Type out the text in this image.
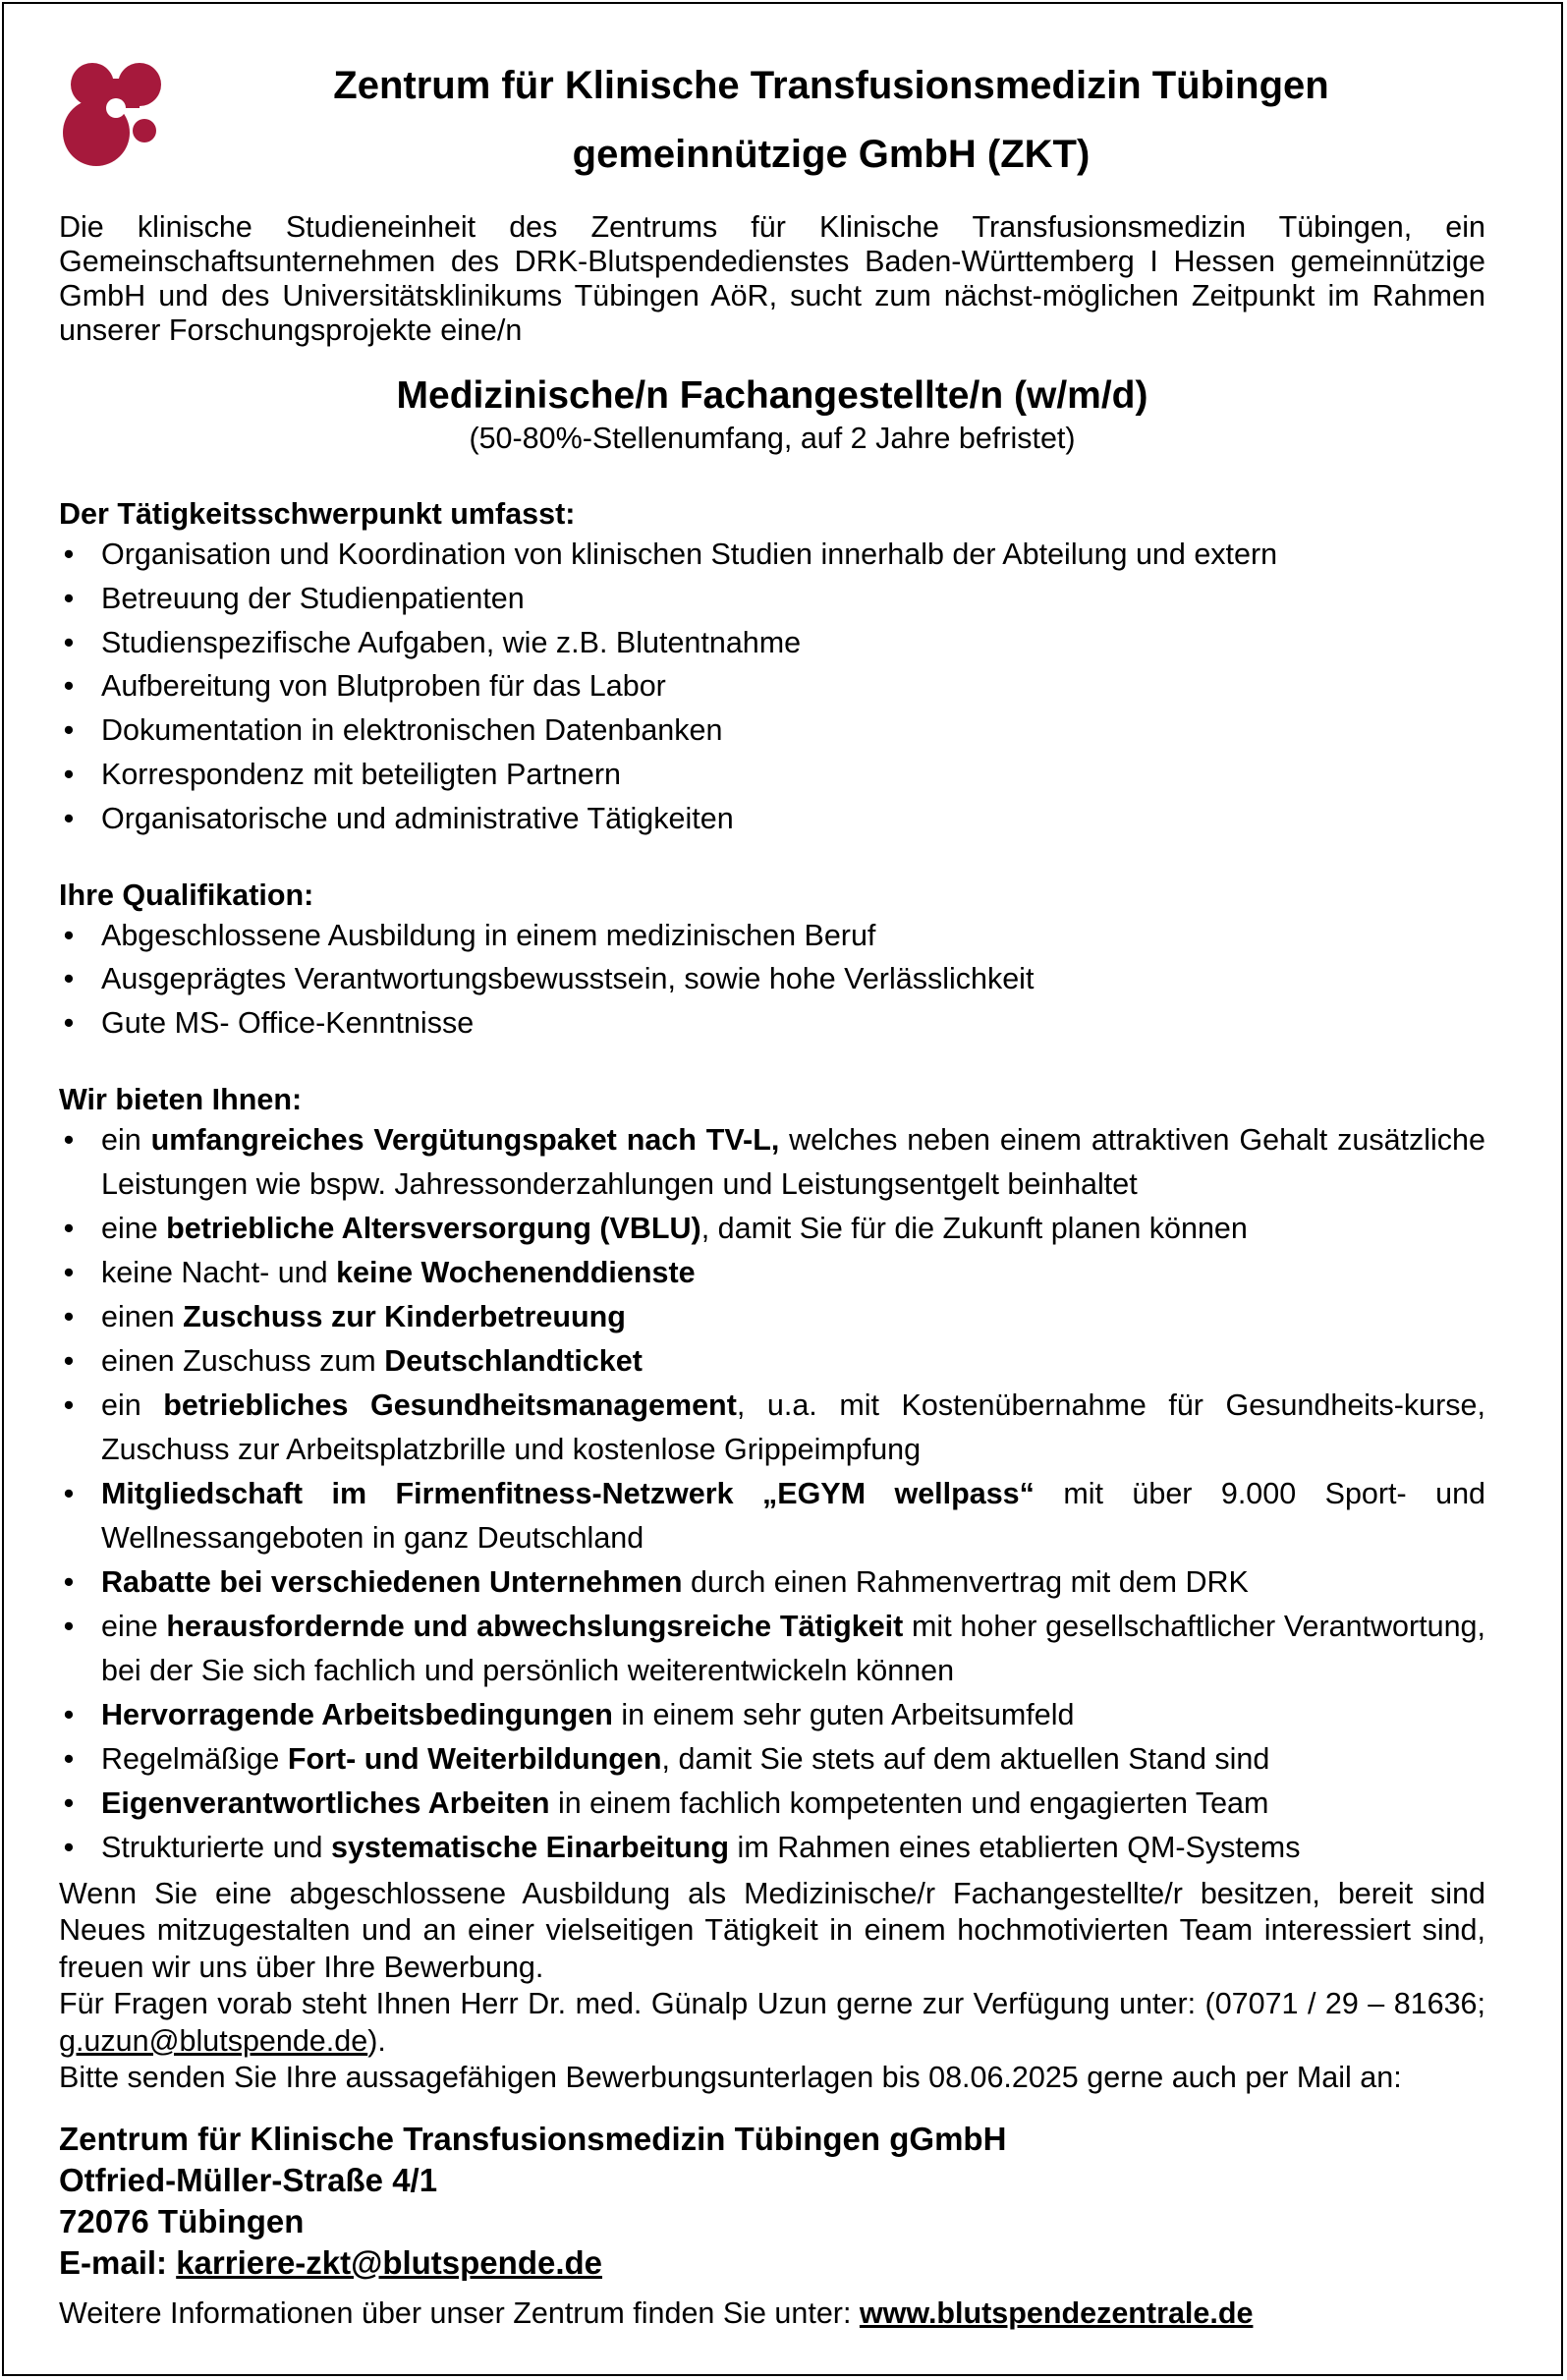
Zentrum für Klinische Transfusionsmedizin Tübingen
gemeinnützige GmbH (ZKT)

Die klinische Studieneinheit des Zentrums für Klinische Transfusionsmedizin Tübingen, ein Gemeinschaftsunternehmen des DRK-Blutspendedienstes Baden-Württemberg I Hessen gemeinnützige GmbH und des Universitätsklinikums Tübingen AöR, sucht zum nächst-möglichen Zeitpunkt im Rahmen unserer Forschungsprojekte eine/n

Medizinische/n Fachangestellte/n (w/m/d)
(50-80%-Stellenumfang, auf 2 Jahre befristet)
Der Tätigkeitsschwerpunkt umfasst:
• Organisation und Koordination von klinischen Studien innerhalb der Abteilung und extern
• Betreuung der Studienpatienten
• Studienspezifische Aufgaben, wie z.B. Blutentnahme
• Aufbereitung von Blutproben für das Labor
• Dokumentation in elektronischen Datenbanken
• Korrespondenz mit beteiligten Partnern
• Organisatorische und administrative Tätigkeiten
Ihre Qualifikation:
• Abgeschlossene Ausbildung in einem medizinischen Beruf
• Ausgeprägtes Verantwortungsbewusstsein, sowie hohe Verlässlichkeit
• Gute MS- Office-Kenntnisse
Wir bieten Ihnen:
• ein umfangreiches Vergütungspaket nach TV-L, welches neben einem attraktiven Gehalt zusätzliche Leistungen wie bspw. Jahressonderzahlungen und Leistungsentgelt beinhaltet
• eine betriebliche Altersversorgung (VBLU), damit Sie für die Zukunft planen können
• keine Nacht- und keine Wochenenddienste
• einen Zuschuss zur Kinderbetreuung
• einen Zuschuss zum Deutschlandticket
• ein betriebliches Gesundheitsmanagement, u.a. mit Kostenübernahme für Gesundheits-kurse, Zuschuss zur Arbeitsplatzbrille und kostenlose Grippeimpfung
• Mitgliedschaft im Firmenfitness-Netzwerk „EGYM wellpass“ mit über 9.000 Sport- und Wellnessangeboten in ganz Deutschland
• Rabatte bei verschiedenen Unternehmen durch einen Rahmenvertrag mit dem DRK
• eine herausfordernde und abwechslungsreiche Tätigkeit mit hoher gesellschaftlicher Verantwortung, bei der Sie sich fachlich und persönlich weiterentwickeln können
• Hervorragende Arbeitsbedingungen in einem sehr guten Arbeitsumfeld
• Regelmäßige Fort- und Weiterbildungen, damit Sie stets auf dem aktuellen Stand sind
• Eigenverantwortliches Arbeiten in einem fachlich kompetenten und engagierten Team
• Strukturierte und systematische Einarbeitung im Rahmen eines etablierten QM-Systems

Wenn Sie eine abgeschlossene Ausbildung als Medizinische/r Fachangestellte/r besitzen, bereit sind Neues mitzugestalten und an einer vielseitigen Tätigkeit in einem hochmotivierten Team interessiert sind, freuen wir uns über Ihre Bewerbung.

Für Fragen vorab steht Ihnen Herr Dr. med. Günalp Uzun gerne zur Verfügung unter: (07071 / 29 – 81636; g.uzun@blutspende.de).

Bitte senden Sie Ihre aussagefähigen Bewerbungsunterlagen bis 08.06.2025 gerne auch per Mail an:

Zentrum für Klinische Transfusionsmedizin Tübingen gGmbH
Otfried-Müller-Straße 4/1
72076 Tübingen
E-mail: karriere-zkt@blutspende.de
Weitere Informationen über unser Zentrum finden Sie unter: www.blutspendezentrale.de
